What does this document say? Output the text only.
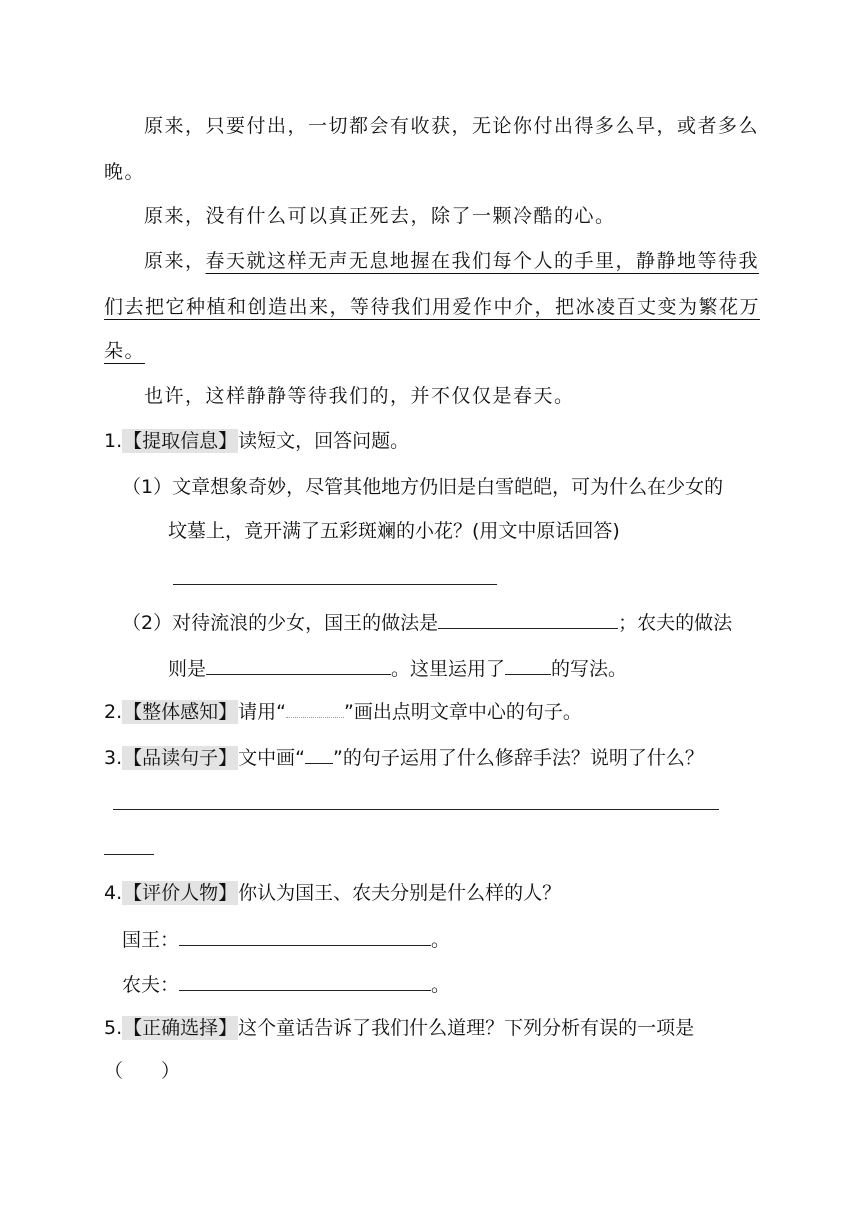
原来，只要付出，一切都会有收获，无论你付出得多么早，或者多么
晚。
原来，没有什么可以真正死去，除了一颗冷酷的心。
原来，春天就这样无声无息地握在我们每个人的手里，静静地等待我
们去把它种植和创造出来，等待我们用爱作中介，把冰凌百丈变为繁花万
朵。
也许，这样静静等待我们的，并不仅仅是春天。
1.【提取信息】读短文，回答问题。
（1）文章想象奇妙，尽管其他地方仍旧是白雪皑皑，可为什么在少女的
坟墓上，竟开满了五彩斑斓的小花？(用文中原话回答)
（2）对待流浪的少女，国王的做法是	；农夫的做法
则是	。这里运用了 的写法。
2.【整体感知】请用“	”画出点明文章中心的句子。
3.【品读句子】文中画“ ”的句子运用了什么修辞手法？说明了什么？
4.【评价人物】你认为国王、农夫分别是什么样的人？
国王：	。
农夫：	。
5.【正确选择】这个童话告诉了我们什么道理？下列分析有误的一项是
（　　）
